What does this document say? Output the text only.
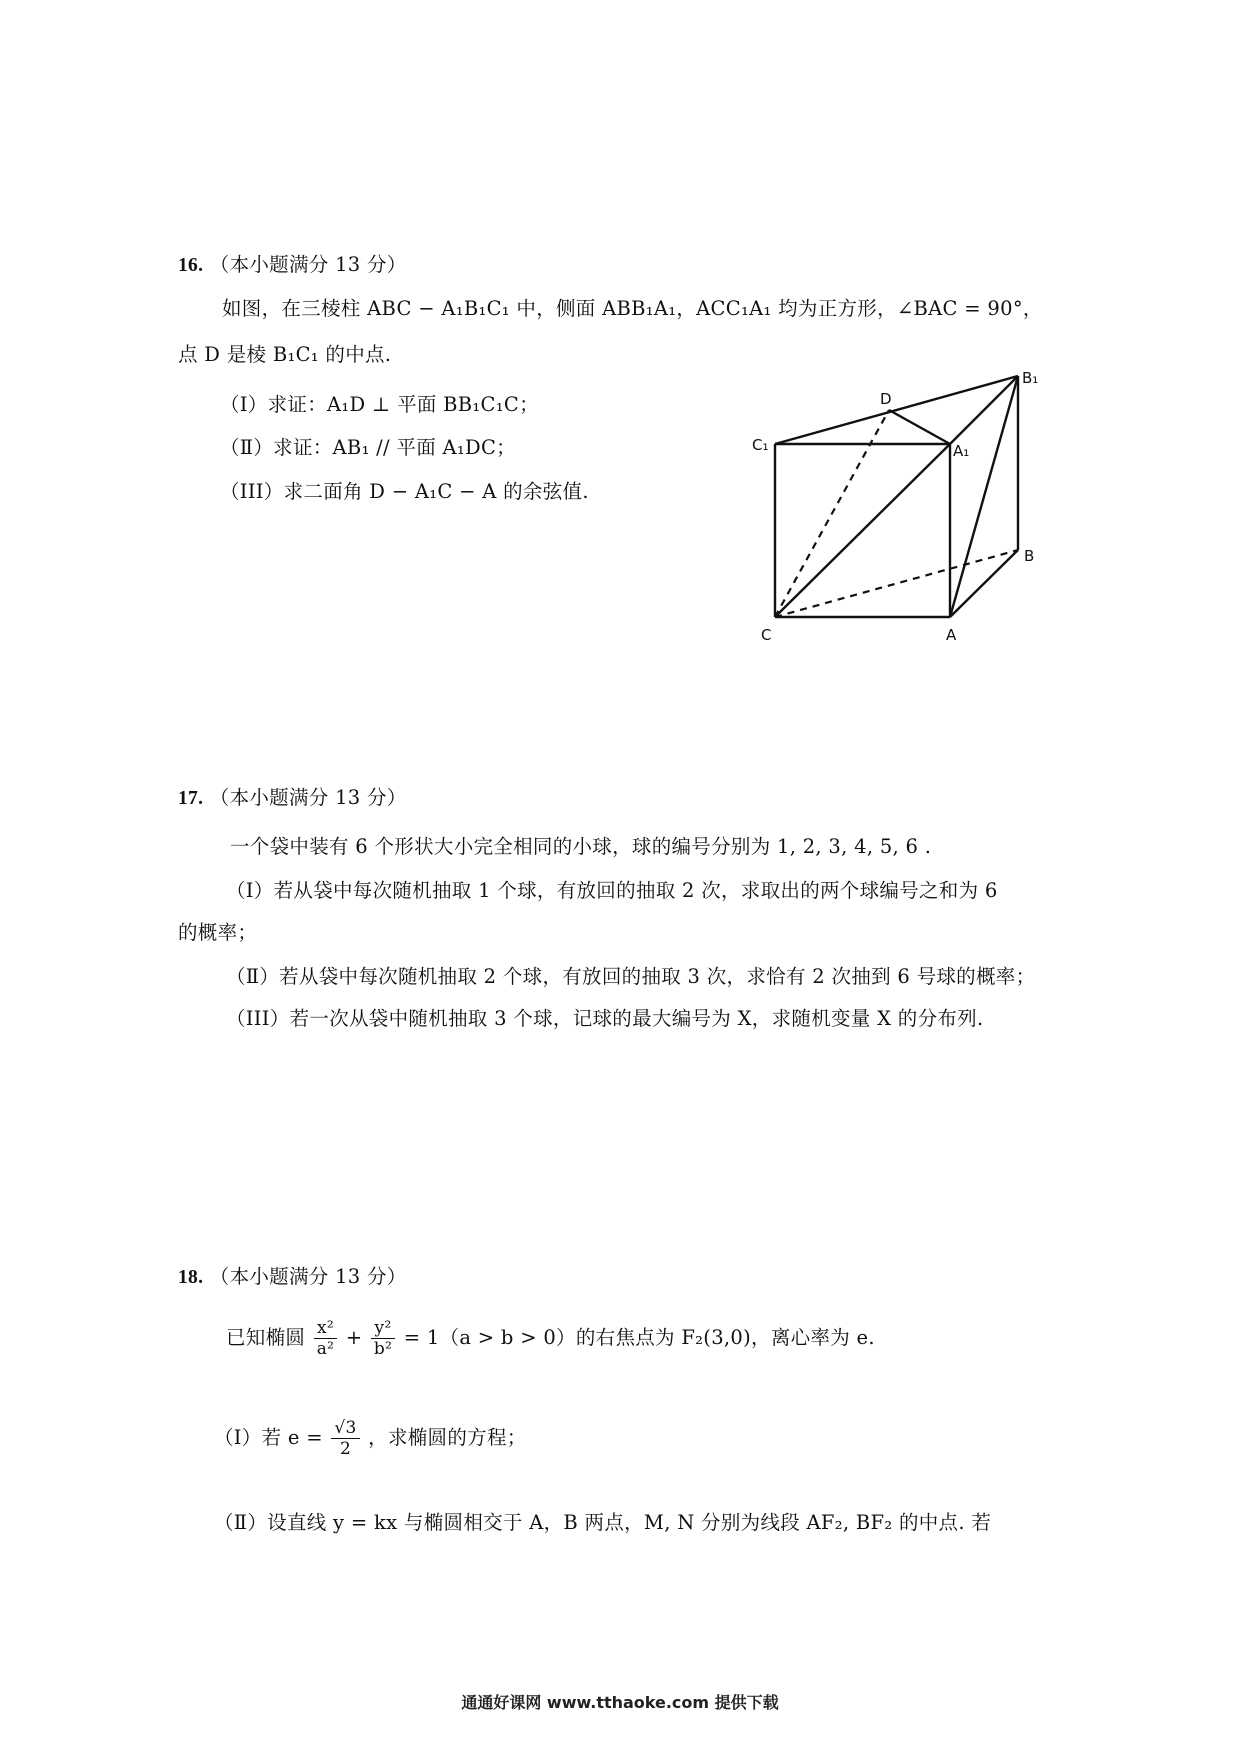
16. （本小题满分 13 分）
如图，在三棱柱 ABC − A₁B₁C₁ 中，侧面 ABB₁A₁，ACC₁A₁ 均为正方形，∠BAC = 90°，
点 D 是棱 B₁C₁ 的中点.
（Ⅰ）求证：A₁D ⊥ 平面 BB₁C₁C；
（Ⅱ）求证：AB₁ // 平面 A₁DC；
（III）求二面角 D − A₁C − A 的余弦值.
B₁
D
C₁	A₁
B
C	A
17. （本小题满分 13 分）
一个袋中装有 6 个形状大小完全相同的小球，球的编号分别为 1, 2, 3, 4, 5, 6 .
（Ⅰ）若从袋中每次随机抽取 1 个球，有放回的抽取 2 次，求取出的两个球编号之和为 6
的概率；
（Ⅱ）若从袋中每次随机抽取 2 个球，有放回的抽取 3 次，求恰有 2 次抽到 6 号球的概率；
（III）若一次从袋中随机抽取 3 个球，记球的最大编号为 X，求随机变量 X 的分布列.
18. （本小题满分 13 分）
已知椭圆 $\frac{\text{x²}}{\text{a²}} + \frac{\text{y²}}{\text{b²}} = 1(a > b > 0)$的右焦点为 F₂(3,0)，离心率为 e.
（Ⅰ）若 $e = \frac{√3}{2}$ ，求椭圆的方程；
（Ⅱ）设直线 y = kx 与椭圆相交于 A，B 两点，M, N 分别为线段 AF₂, BF₂ 的中点. 若
通通好课网 www.tthaoke.com 提供下载
